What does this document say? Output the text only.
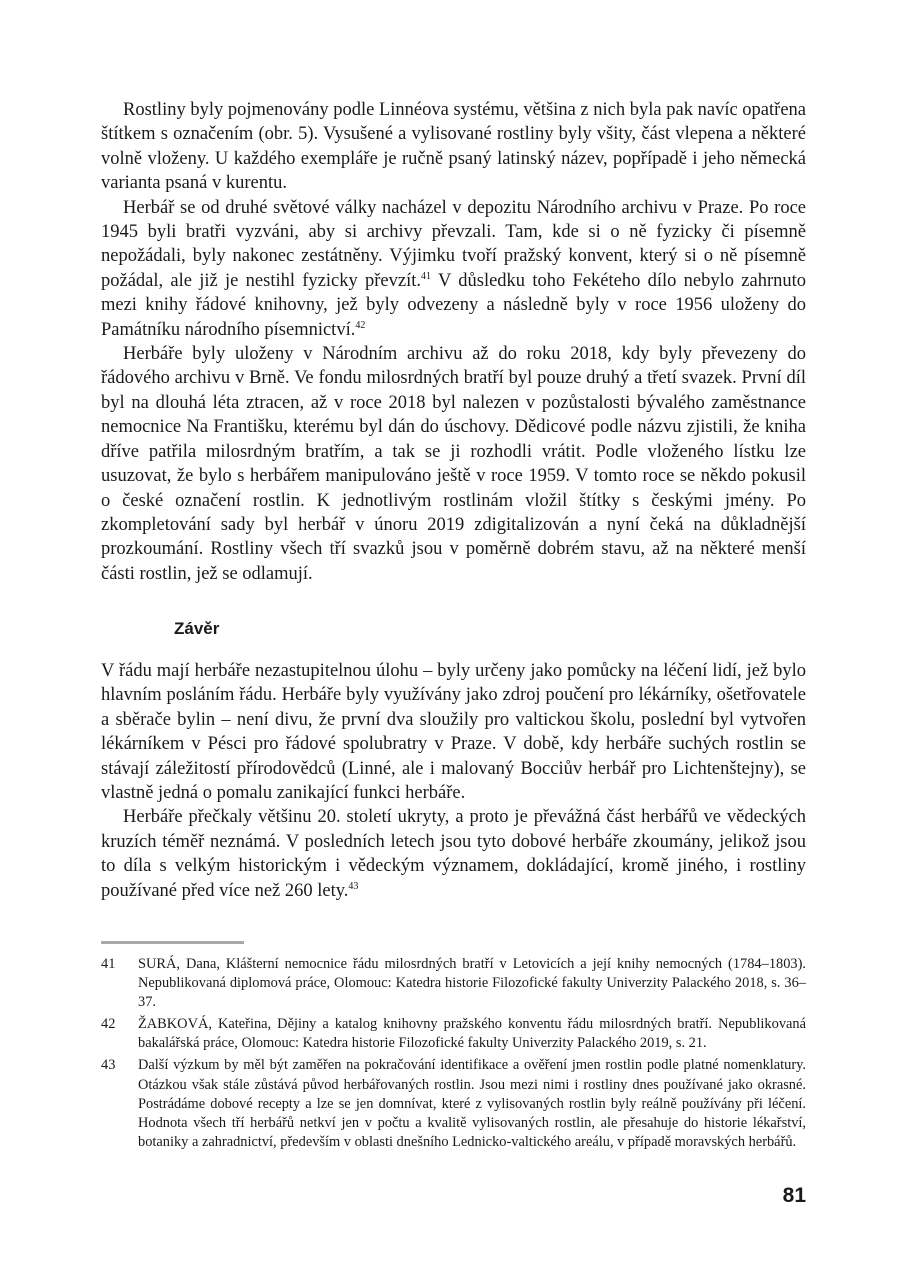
Rostliny byly pojmenovány podle Linnéova systému, většina z nich byla pak navíc opatřena štítkem s označením (obr. 5). Vysušené a vylisované rostliny byly všity, část vlepena a některé volně vloženy. U každého exempláře je ručně psaný latinský název, popřípadě i jeho německá varianta psaná v kurentu.

Herbář se od druhé světové války nacházel v depozitu Národního archivu v Praze. Po roce 1945 byli bratři vyzváni, aby si archivy převzali. Tam, kde si o ně fyzicky či písemně nepožádali, byly nakonec zestátněny. Výjimku tvoří pražský konvent, který si o ně písemně požádal, ale již je nestihl fyzicky převzít.$^{41}$ V důsledku toho Fekéteho dílo nebylo zahrnuto mezi knihy řádové knihovny, jež byly odvezeny a následně byly v roce 1956 uloženy do Památníku národního písemnictví.$^{42}$

Herbáře byly uloženy v Národním archivu až do roku 2018, kdy byly převezeny do řádového archivu v Brně. Ve fondu milosrdných bratří byl pouze druhý a třetí svazek. První díl byl na dlouhá léta ztracen, až v roce 2018 byl nalezen v pozůstalosti bývalého zaměstnance nemocnice Na Františku, kterému byl dán do úschovy. Dědicové podle názvu zjistili, že kniha dříve patřila milosrdným bratřím, a tak se ji rozhodli vrátit. Podle vloženého lístku lze usuzovat, že bylo s herbářem manipulováno ještě v roce 1959. V tomto roce se někdo pokusil o české označení rostlin. K jednotlivým rostlinám vložil štítky s českými jmény. Po zkompletování sady byl herbář v únoru 2019 zdigitalizován a nyní čeká na důkladnější prozkoumání. Rostliny všech tří svazků jsou v poměrně dobrém stavu, až na některé menší části rostlin, jež se odlamují.

Závěr

V řádu mají herbáře nezastupitelnou úlohu – byly určeny jako pomůcky na léčení lidí, jež bylo hlavním posláním řádu. Herbáře byly využívány jako zdroj poučení pro lékárníky, ošetřovatele a sběrače bylin – není divu, že první dva sloužily pro valtickou školu, poslední byl vytvořen lékárníkem v Pésci pro řádové spolubratry v Praze. V době, kdy herbáře suchých rostlin se stávají záležitostí přírodovědců (Linné, ale i malovaný Bocciův herbář pro Lichtenštejny), se vlastně jedná o pomalu zanikající funkci herbáře.

Herbáře přečkaly většinu 20. století ukryty, a proto je převážná část herbářů ve vědeckých kruzích téměř neznámá. V posledních letech jsou tyto dobové herbáře zkoumány, jelikož jsou to díla s velkým historickým i vědeckým významem, dokládající, kromě jiného, i rostliny používané před více než 260 lety.$^{43}$

41	SURÁ, Dana, Klášterní nemocnice řádu milosrdných bratří v Letovicích a její knihy nemocných (1784–1803). Nepublikovaná diplomová práce, Olomouc: Katedra historie Filozofické fakulty Univerzity Palackého 2018, s. 36–37.
42	ŽABKOVÁ, Kateřina, Dějiny a katalog knihovny pražského konventu řádu milosrdných bratří. Nepublikovaná bakalářská práce, Olomouc: Katedra historie Filozofické fakulty Univerzity Palackého 2019, s. 21.
43	Další výzkum by měl být zaměřen na pokračování identifikace a ověření jmen rostlin podle platné nomenklatury. Otázkou však stále zůstává původ herbářovaných rostlin. Jsou mezi nimi i rostliny dnes používané jako okrasné. Postrádáme dobové recepty a lze se jen domnívat, které z vylisovaných rostlin byly reálně používány při léčení. Hodnota všech tří herbářů netkví jen v počtu a kvalitě vylisovaných rostlin, ale přesahuje do historie lékařství, botaniky a zahradnictví, především v oblasti dnešního Lednicko-valtického areálu, v případě moravských herbářů.
81
